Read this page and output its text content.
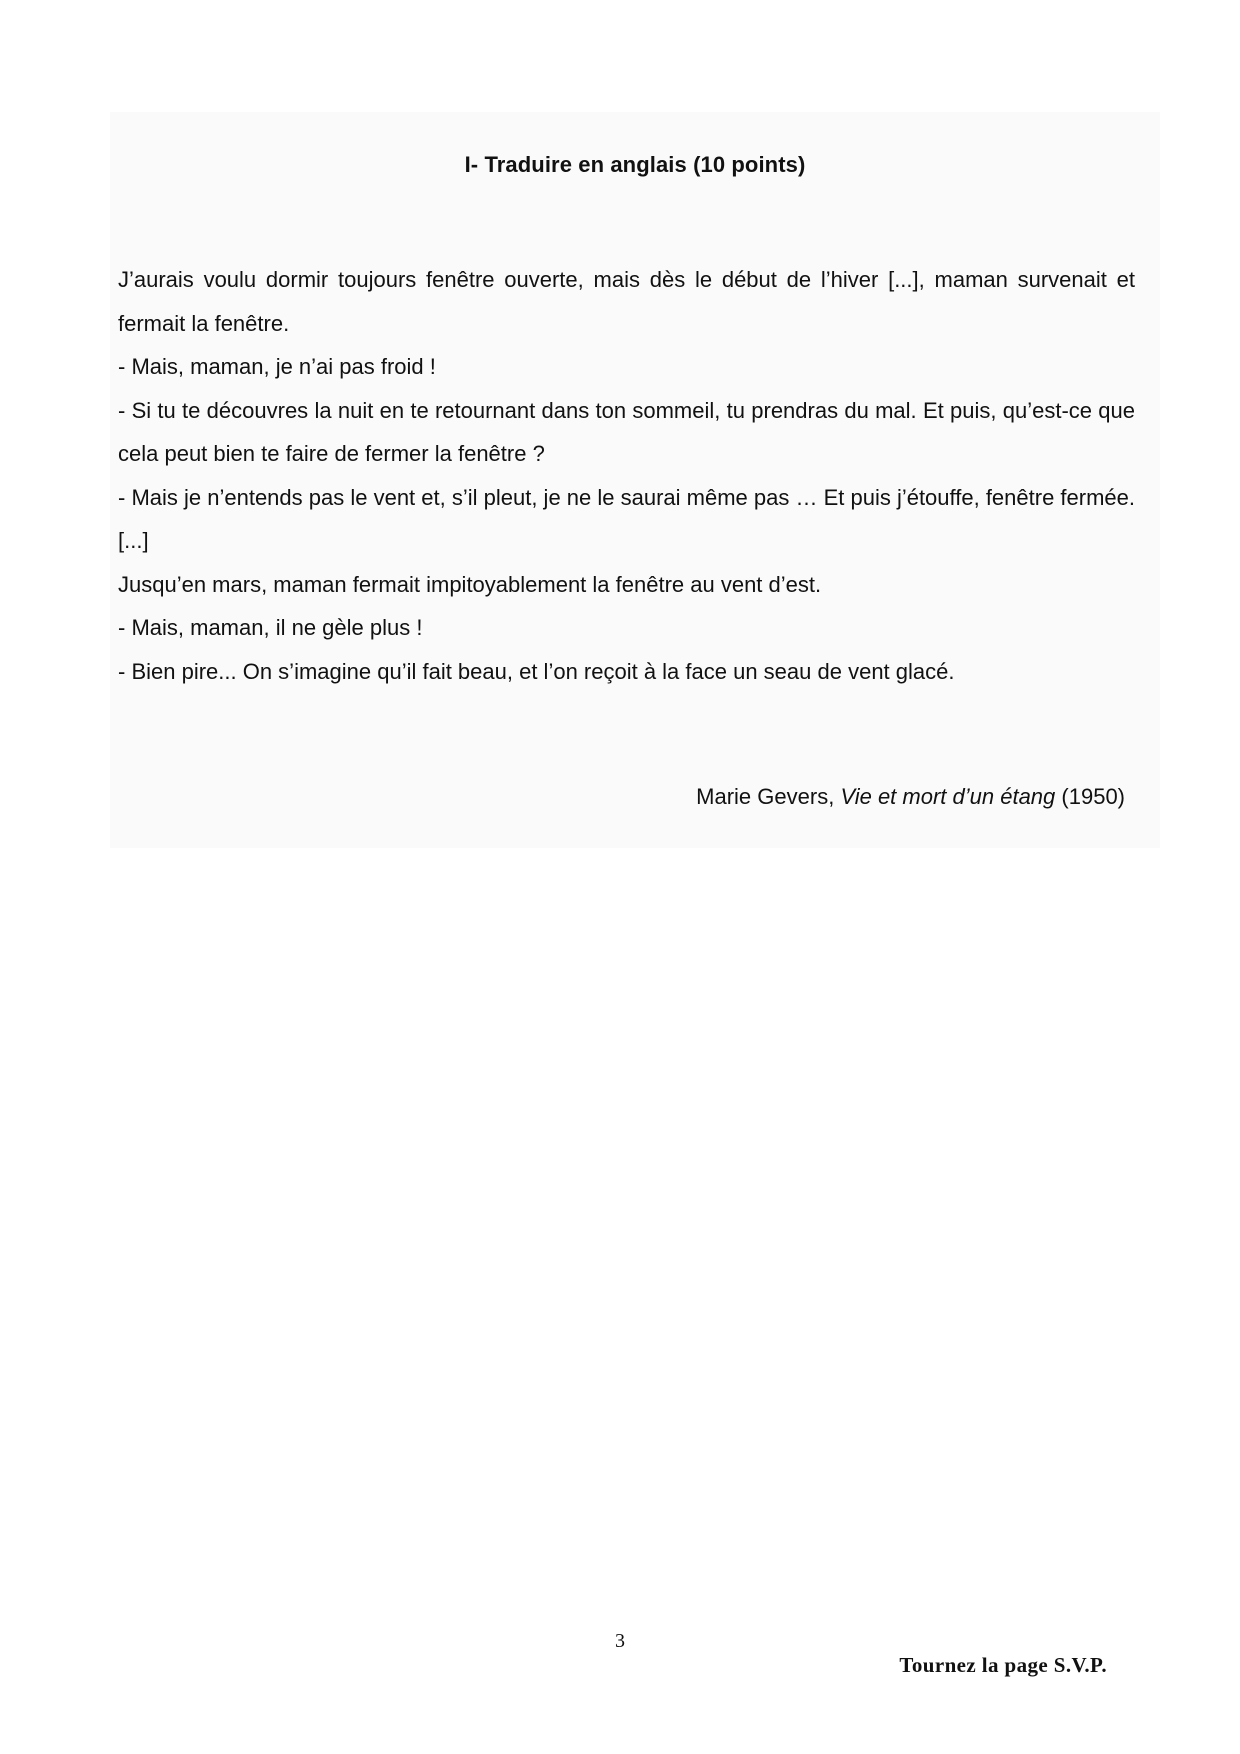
I- Traduire en anglais (10 points)

J’aurais voulu dormir toujours fenêtre ouverte, mais dès le début de l’hiver [...], maman survenait et fermait la fenêtre.

- Mais, maman, je n’ai pas froid !

- Si tu te découvres la nuit en te retournant dans ton sommeil, tu prendras du mal. Et puis, qu’est-ce que cela peut bien te faire de fermer la fenêtre ?

- Mais je n’entends pas le vent et, s’il pleut, je ne le saurai même pas … Et puis j’étouffe, fenêtre fermée. [...]

Jusqu’en mars, maman fermait impitoyablement la fenêtre au vent d’est.

- Mais, maman, il ne gèle plus !

- Bien pire... On s’imagine qu’il fait beau, et l’on reçoit à la face un seau de vent glacé.

Marie Gevers, Vie et mort d’un étang (1950)
3
Tournez la page S.V.P.
